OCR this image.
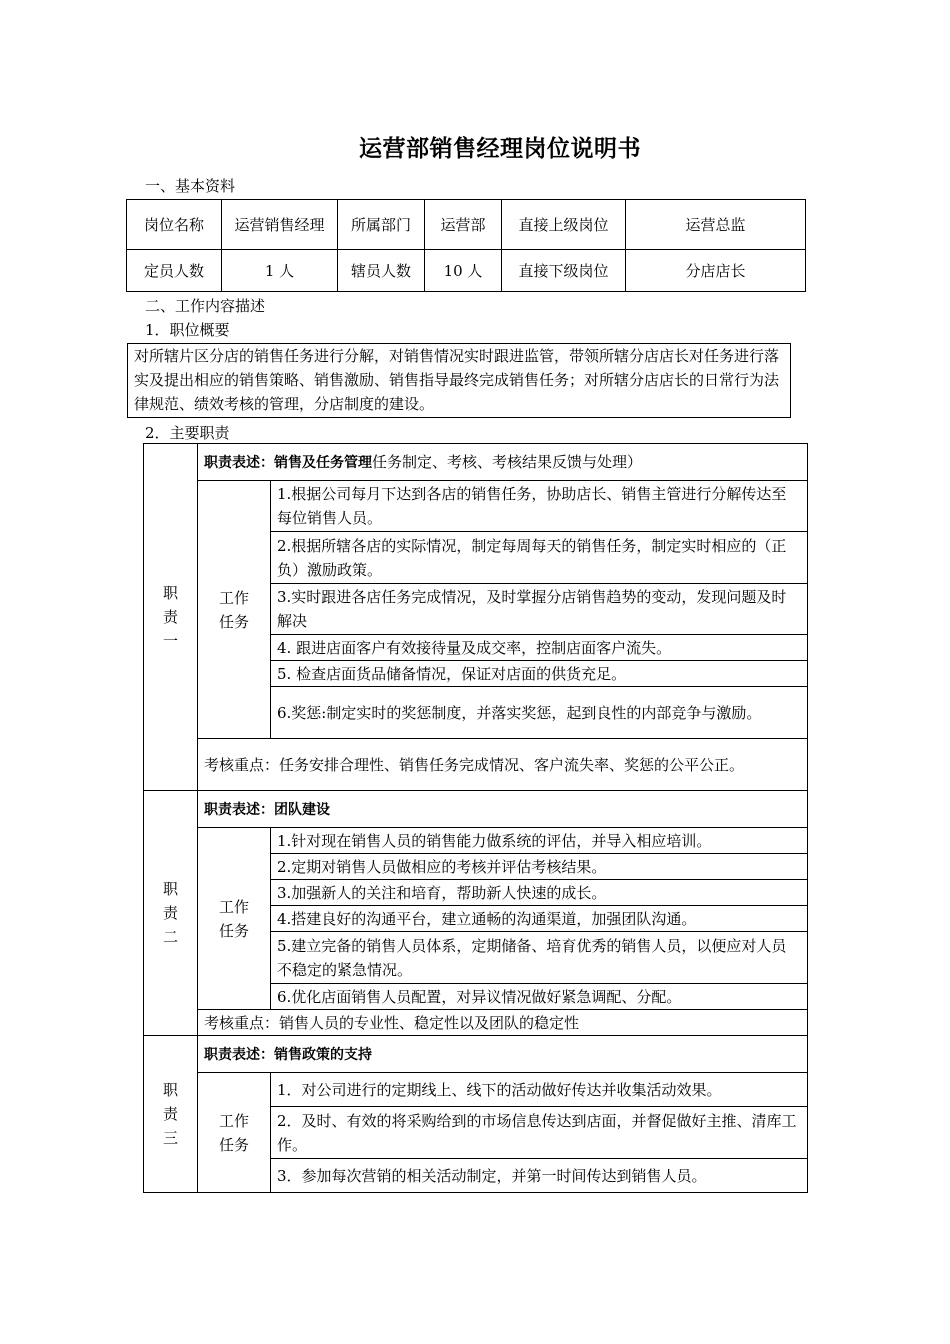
运营部销售经理岗位说明书
一、基本资料
岗位名称	运营销售经理	所属部门	运营部	直接上级岗位	运营总监
定员人数	1 人	辖员人数	10 人	直接下级岗位	分店店长
二、工作内容描述
1．职位概要
对所辖片区分店的销售任务进行分解，对销售情况实时跟进监管，带领所辖分店店长对任务进行落实及提出相应的销售策略、销售激励、销售指导最终完成销售任务；对所辖分店店长的日常行为法律规范、绩效考核的管理，分店制度的建设。
2．主要职责
职责一	职责表述：销售及任务管理任务制定、考核、考核结果反馈与处理）	
	工作任务	1.根据公司每月下达到各店的销售任务，协助店长、销售主管进行分解传达至每位销售人员。
		2.根据所辖各店的实际情况，制定每周每天的销售任务，制定实时相应的（正负）激励政策。
		3.实时跟进各店任务完成情况，及时掌握分店销售趋势的变动，发现问题及时解决
		4. 跟进店面客户有效接待量及成交率，控制店面客户流失。
		5. 检查店面货品储备情况，保证对店面的供货充足。
		6.奖惩:制定实时的奖惩制度，并落实奖惩，起到良性的内部竞争与激励。
	考核重点：任务安排合理性、销售任务完成情况、客户流失率、奖惩的公平公正。	
职责二	职责表述：团队建设	
	工作任务	1.针对现在销售人员的销售能力做系统的评估，并导入相应培训。
		2.定期对销售人员做相应的考核并评估考核结果。
		3.加强新人的关注和培育，帮助新人快速的成长。
		4.搭建良好的沟通平台，建立通畅的沟通渠道，加强团队沟通。
		5.建立完备的销售人员体系，定期储备、培育优秀的销售人员，以便应对人员不稳定的紧急情况。
		6.优化店面销售人员配置，对异议情况做好紧急调配、分配。
	考核重点：销售人员的专业性、稳定性以及团队的稳定性	
职责三	职责表述：销售政策的支持	
	工作任务	1．对公司进行的定期线上、线下的活动做好传达并收集活动效果。
		2．及时、有效的将采购给到的市场信息传达到店面，并督促做好主推、清库工作。
		3．参加每次营销的相关活动制定，并第一时间传达到销售人员。
